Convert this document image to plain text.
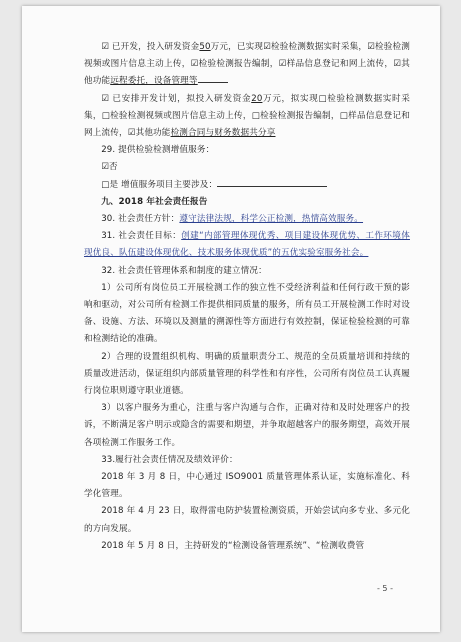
☑ 已开发，投入研发资金50万元，已实现☑检验检测数据实时采集，☑检验检测视频或图片信息主动上传，☑检验检测报告编制，☑样品信息登记和网上流传，☑其他功能远程委托，设备管理等

☑ 已安排开发计划，拟投入研发资金20万元，拟实现□检验检测数据实时采集，□检验检测视频或图片信息主动上传，□检验检测报告编制，□样品信息登记和网上流传，☑其他功能检测合同与财务数据共分享

29. 提供检验检测增值服务：

☑否

□是 增值服务项目主要涉及：

九、2018 年社会责任报告

30. 社会责任方针：遵守法律法规，科学公正检测，热情高效服务。

31. 社会责任目标：创建“内部管理体现优秀、项目建设体现优势、工作环境体现优良、队伍建设体现优化、技术服务体现优质”的五优实验室服务社会。

32. 社会责任管理体系和制度的建立情况：

1）公司所有岗位员工开展检测工作的独立性不受经济利益和任何行政干预的影响和驱动，对公司所有检测工作提供相同质量的服务，所有员工开展检测工作时对设备、设施、方法、环境以及测量的溯源性等方面进行有效控制，保证检验检测的可靠和检测结论的准确。

2）合理的设置组织机构、明确的质量职责分工、规范的全员质量培训和持续的质量改进活动，保证组织内部质量管理的科学性和有序性，公司所有岗位员工认真履行岗位职则遵守职业道德。

3）以客户服务为重心，注重与客户沟通与合作，正确对待和及时处理客户的投诉，不断满足客户明示或隐含的需要和期望，并争取超越客户的服务期望，高效开展各项检测工作服务工作。

33.履行社会责任情况及绩效评价：

2018 年 3 月 8 日，中心通过 ISO9001 质量管理体系认证，实施标准化、科学化管理。

2018 年 4 月 23 日，取得雷电防护装置检测资质，开始尝试向多专业、多元化的方向发展。

2018 年 5 月 8 日，主持研发的“检测设备管理系统”、“检测收费管

- 5 -
